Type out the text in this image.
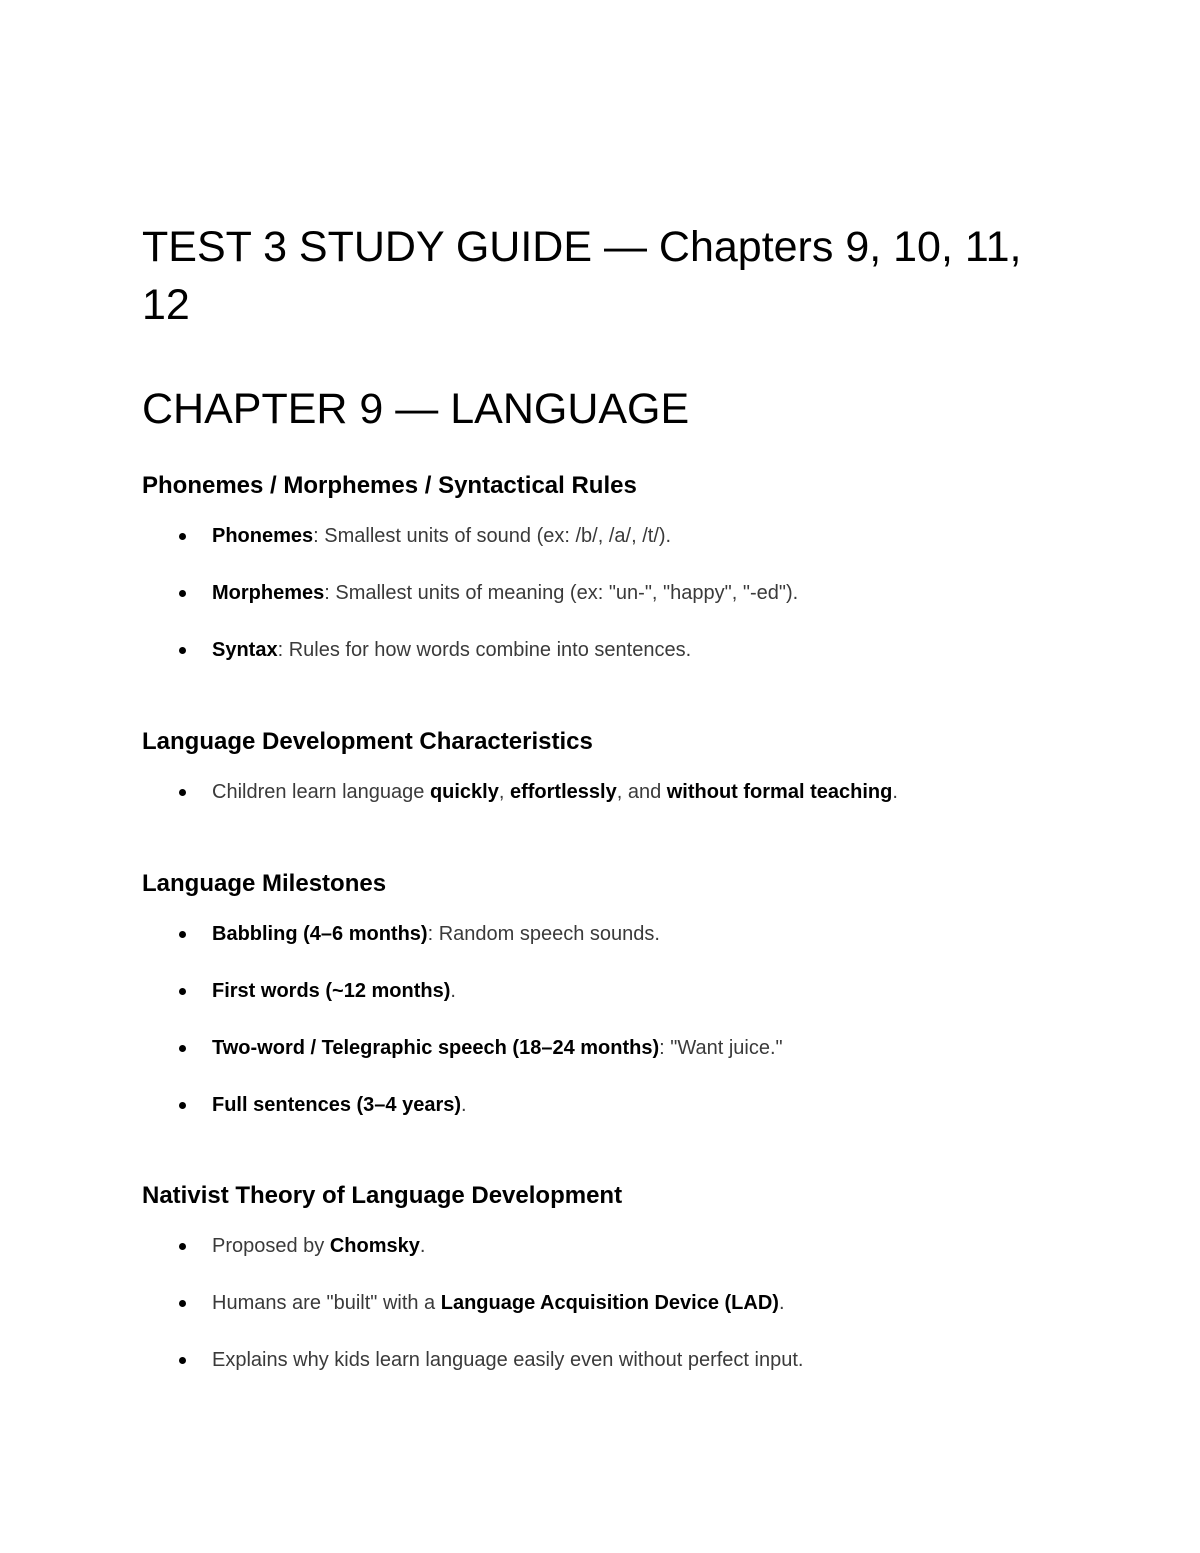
TEST 3 STUDY GUIDE — Chapters 9, 10, 11, 12
CHAPTER 9 — LANGUAGE
Phonemes / Morphemes / Syntactical Rules
Phonemes: Smallest units of sound (ex: /b/, /a/, /t/).
Morphemes: Smallest units of meaning (ex: "un-", "happy", "-ed").
Syntax: Rules for how words combine into sentences.
Language Development Characteristics
Children learn language quickly, effortlessly, and without formal teaching.
Language Milestones
Babbling (4–6 months): Random speech sounds.
First words (~12 months).
Two-word / Telegraphic speech (18–24 months): "Want juice."
Full sentences (3–4 years).
Nativist Theory of Language Development
Proposed by Chomsky.
Humans are "built" with a Language Acquisition Device (LAD).
Explains why kids learn language easily even without perfect input.
